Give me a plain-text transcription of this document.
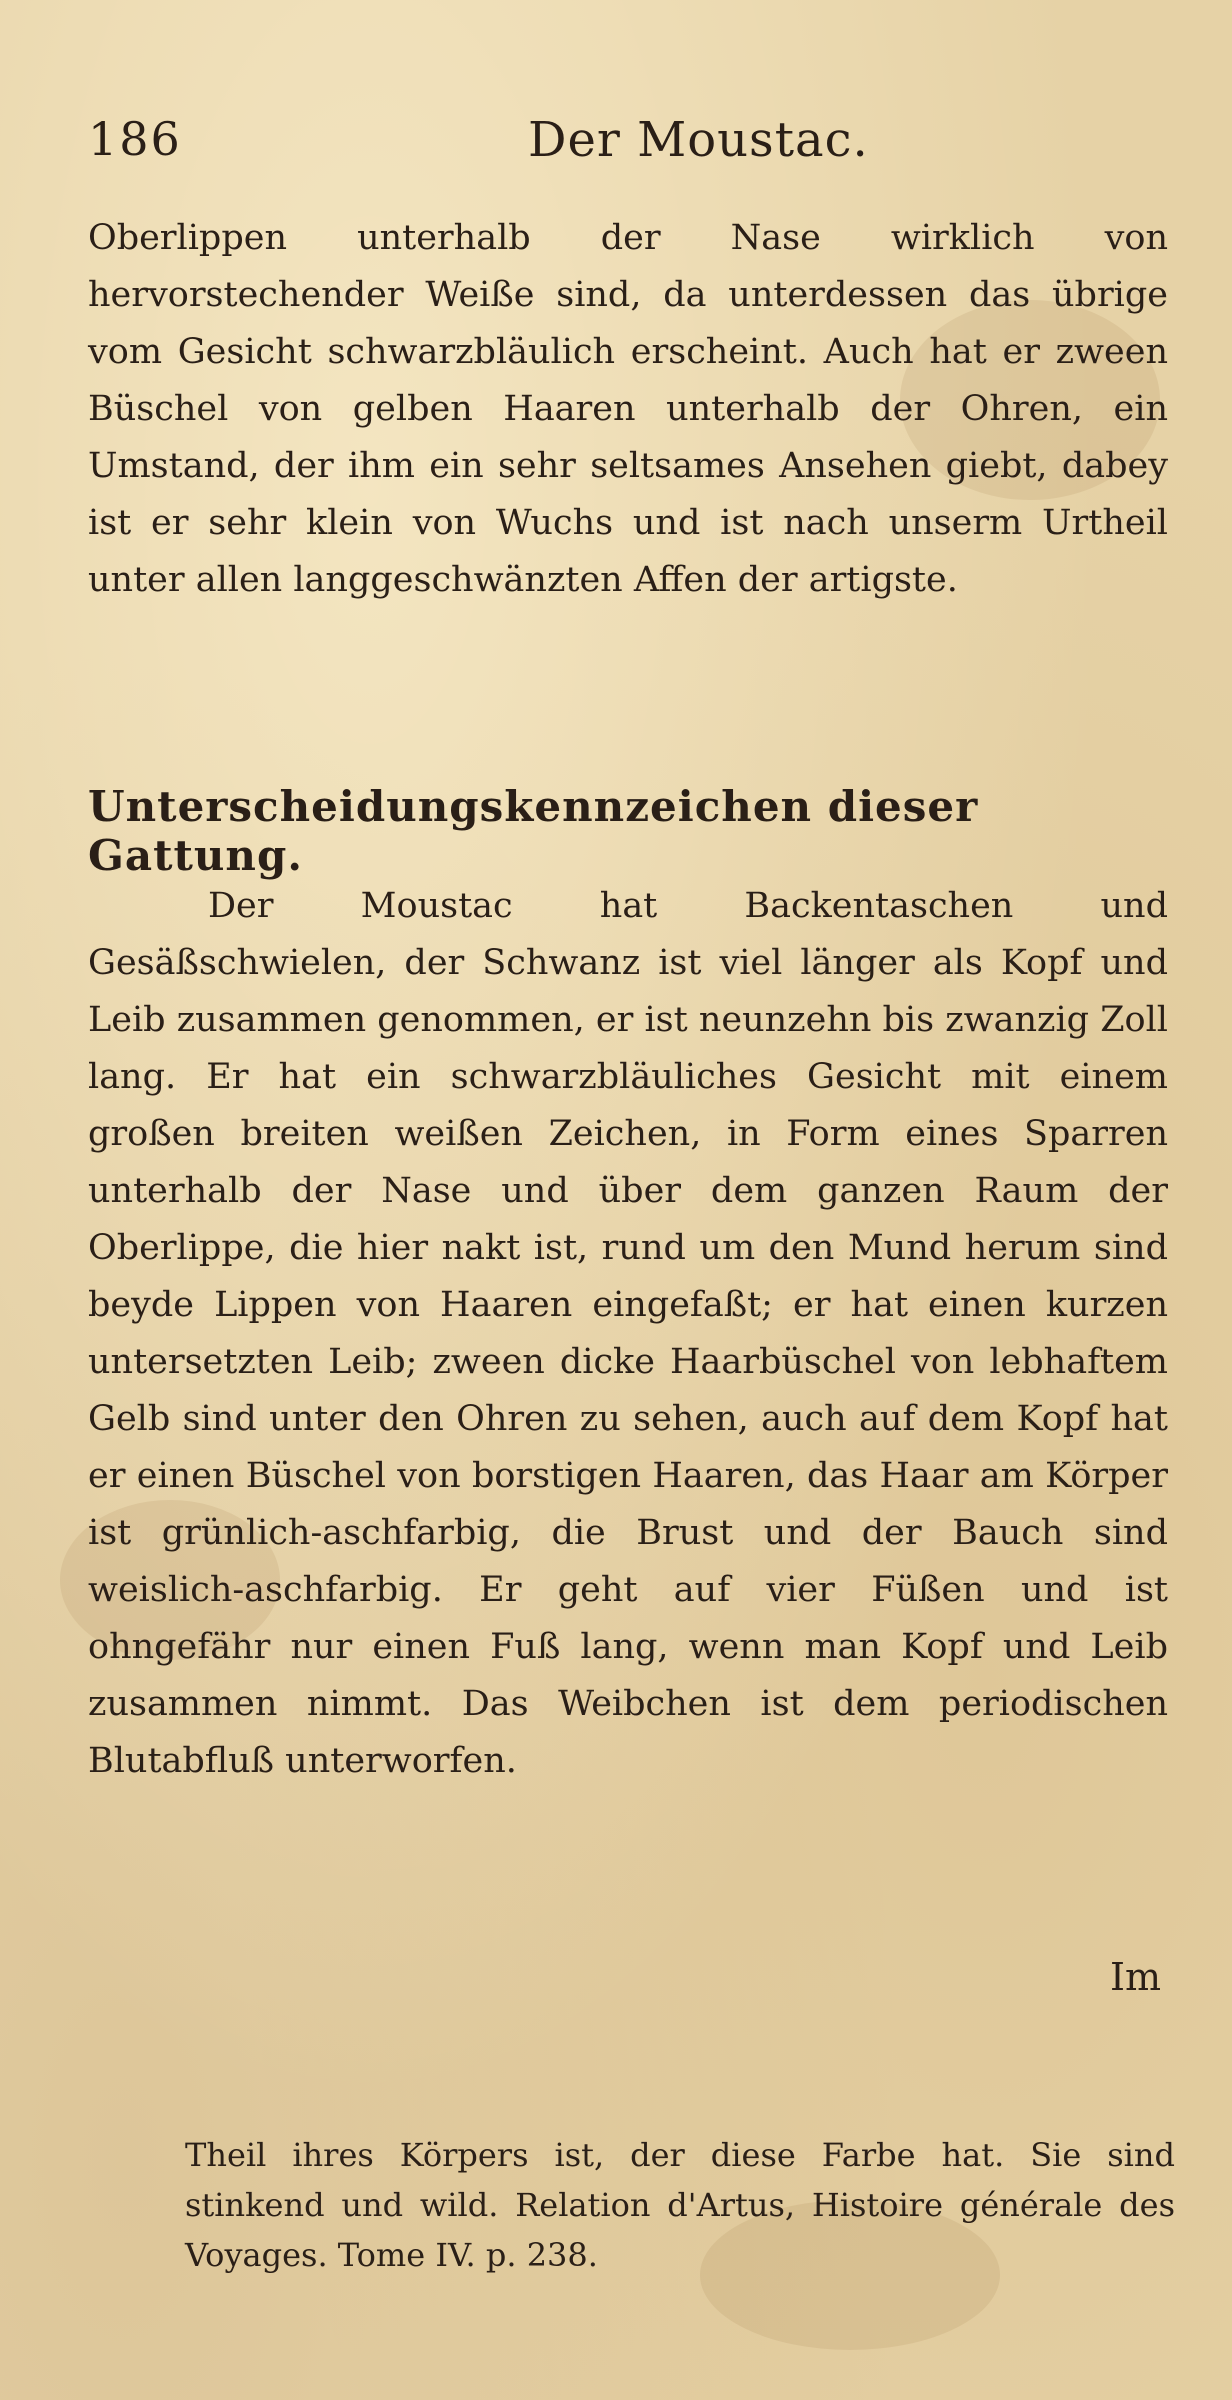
186	Der Moustac.

Oberlippen unterhalb der Nase wirklich von hervorstechender Weiße sind, da unterdessen das übrige vom Gesicht schwarzbläulich erscheint. Auch hat er zween Büschel von gelben Haaren unterhalb der Ohren, ein Umstand, der ihm ein sehr seltsames Ansehen giebt, dabey ist er sehr klein von Wuchs und ist nach unserm Urtheil unter allen langgeschwänzten Affen der artigste.

Unterscheidungskennzeichen dieser Gattung.

Der Moustac hat Backentaschen und Gesäßschwielen, der Schwanz ist viel länger als Kopf und Leib zusammen genommen, er ist neunzehn bis zwanzig Zoll lang. Er hat ein schwarzbläuliches Gesicht mit einem großen breiten weißen Zeichen, in Form eines Sparren unterhalb der Nase und über dem ganzen Raum der Oberlippe, die hier nakt ist, rund um den Mund herum sind beyde Lippen von Haaren eingefaßt; er hat einen kurzen untersetzten Leib; zween dicke Haarbüschel von lebhaftem Gelb sind unter den Ohren zu sehen, auch auf dem Kopf hat er einen Büschel von borstigen Haaren, das Haar am Körper ist grünlich-aschfarbig, die Brust und der Bauch sind weislich-aschfarbig. Er geht auf vier Füßen und ist ohngefähr nur einen Fuß lang, wenn man Kopf und Leib zusammen nimmt. Das Weibchen ist dem periodischen Blutabfluß unterworfen.

Im

Theil ihres Körpers ist, der diese Farbe hat. Sie sind stinkend und wild. Relation d'Artus, Histoire générale des Voyages. Tome IV. p. 238.
